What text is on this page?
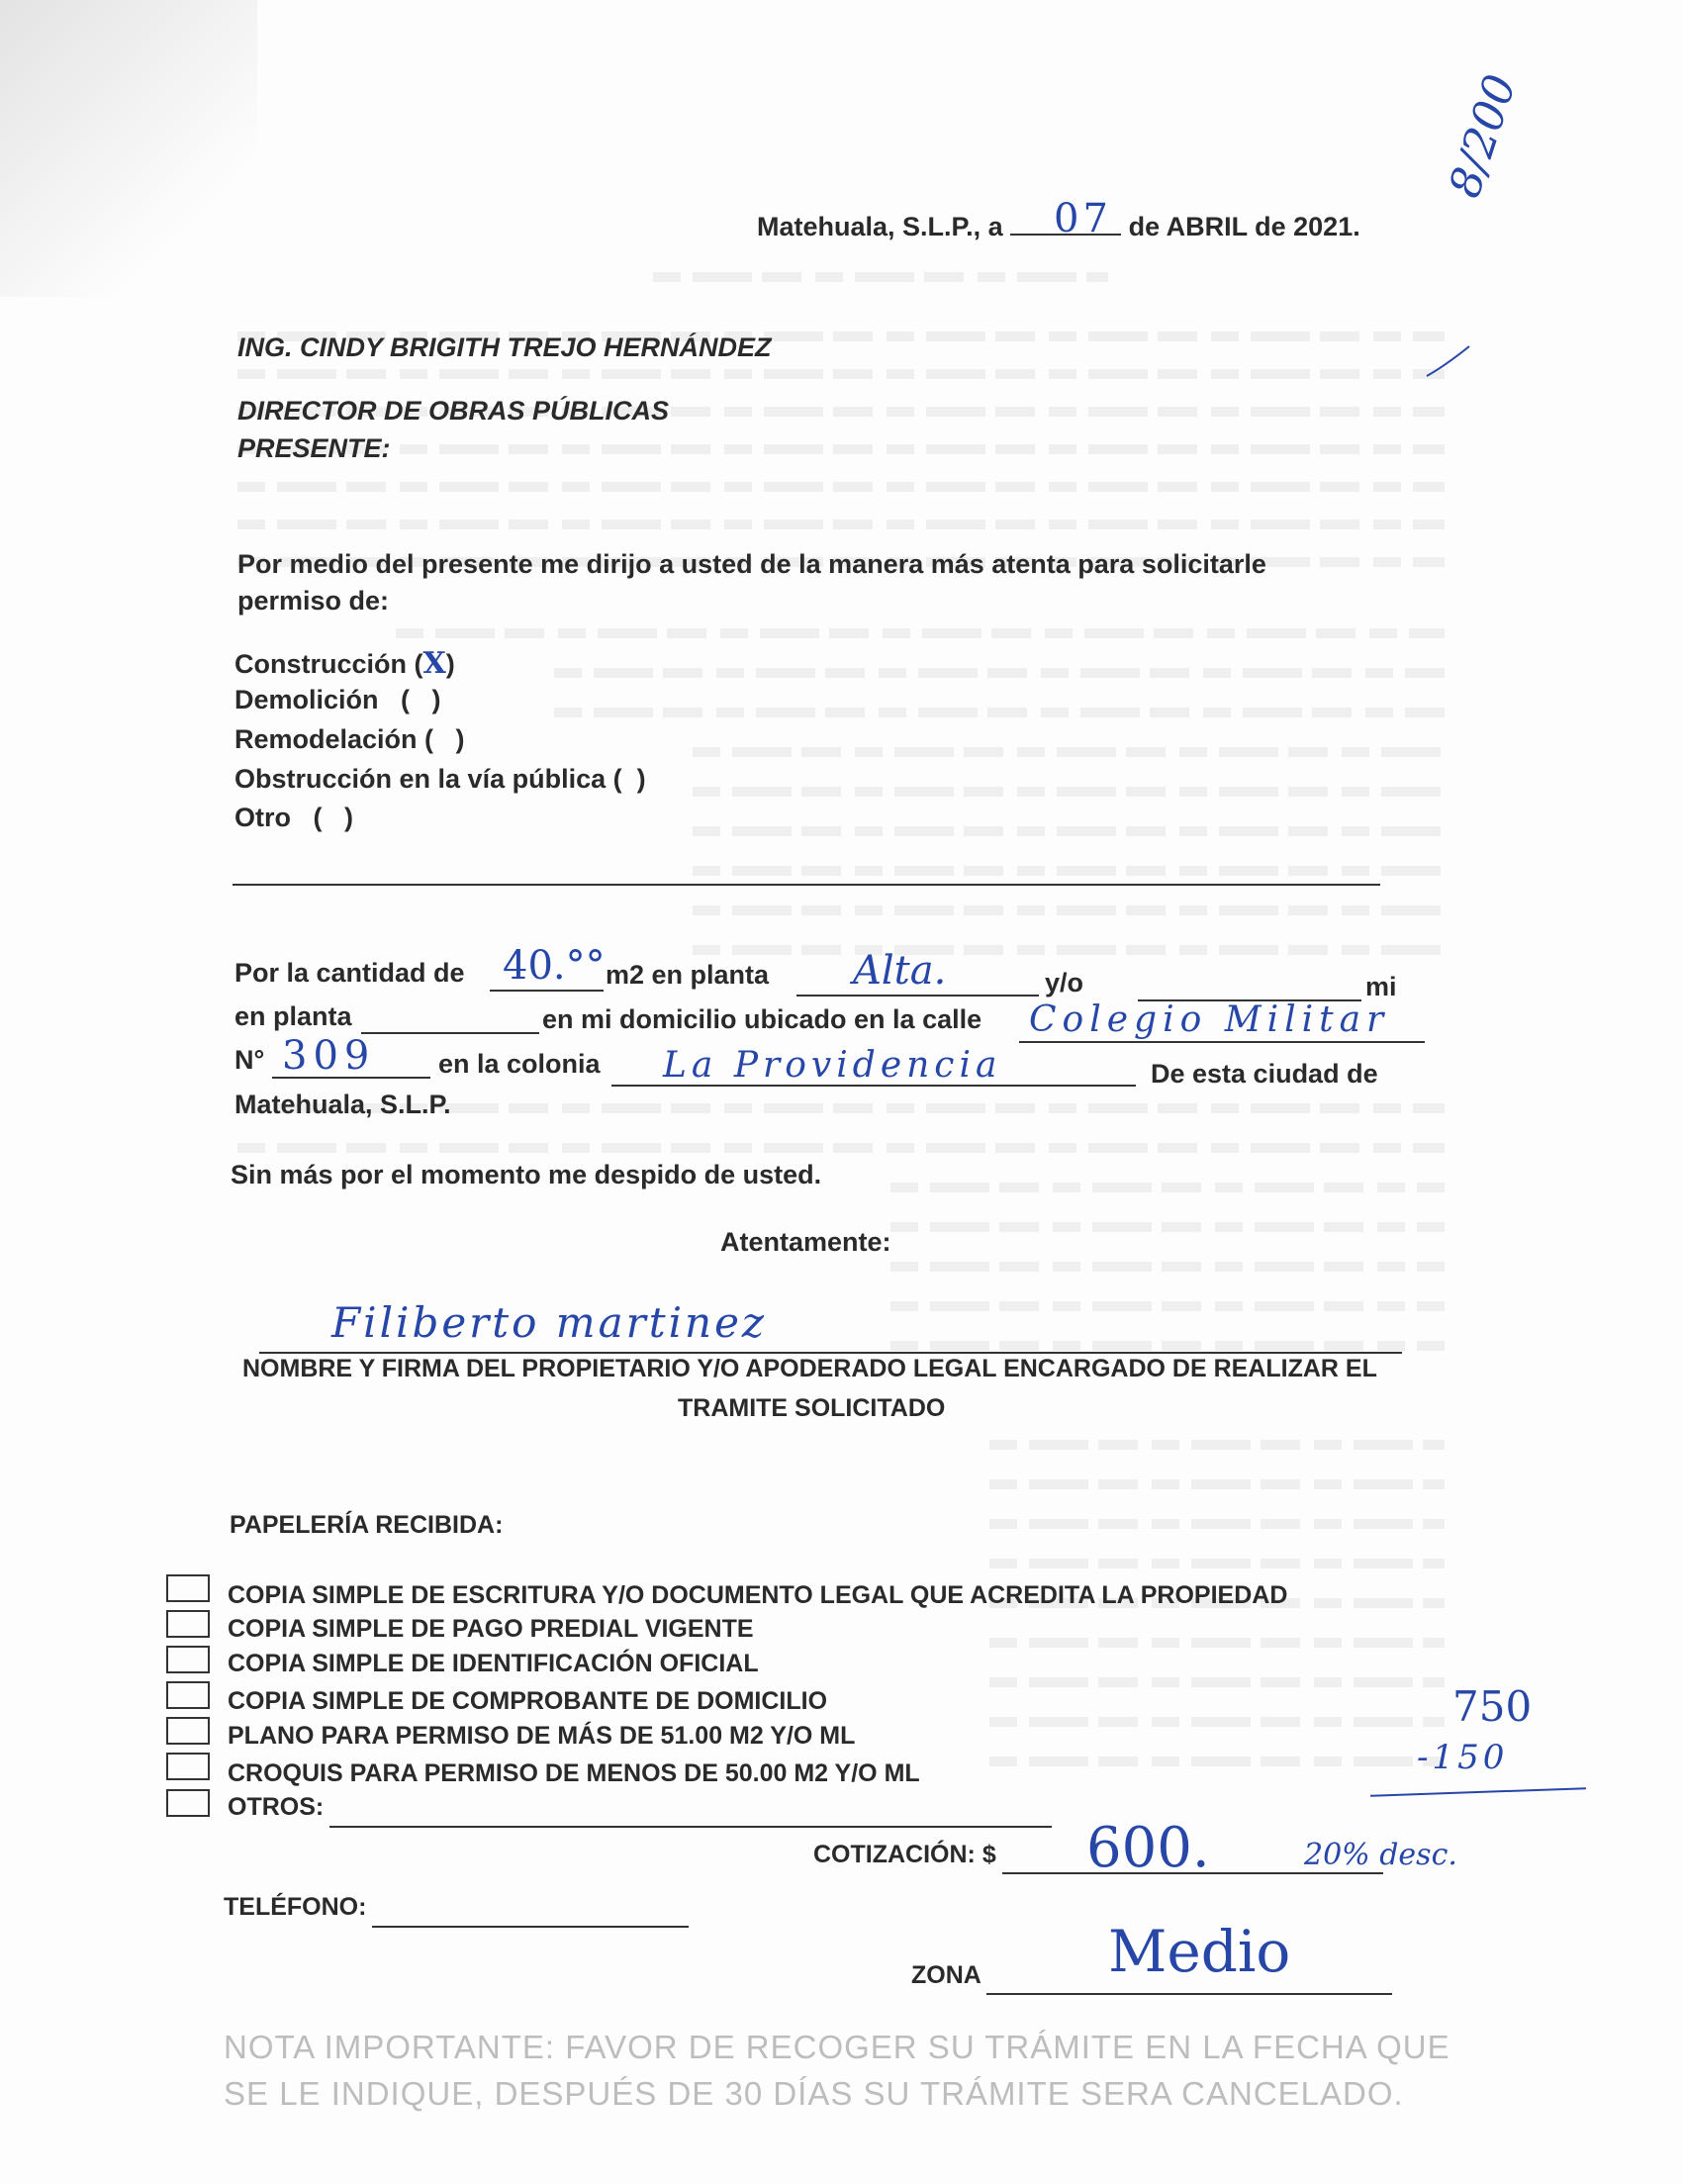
Matehuala, S.L.P., a	de ABRIL de 2021.
07
8/200
ING. CINDY BRIGITH TREJO HERNÁNDEZ
DIRECTOR DE OBRAS PÚBLICAS
PRESENTE:
Por medio del presente me dirijo a usted de la manera más atenta para solicitarle
permiso de:
Construcción (X)
Demolición   (   )
Remodelación (   )
Obstrucción en la vía pública (  )
Otro   (   )
Por la cantidad de 40.°° m2 en planta Alta.	y/o	mi
en planta	en mi domicilio ubicado en la calle Colegio Militar
N° 309 en la colonia La Providencia	De esta ciudad de
Matehuala, S.L.P.
Sin más por el momento me despido de usted.
Atentamente:
Filiberto martinez
NOMBRE Y FIRMA DEL PROPIETARIO Y/O APODERADO LEGAL ENCARGADO DE REALIZAR EL
TRAMITE SOLICITADO
PAPELERÍA RECIBIDA:
COPIA SIMPLE DE ESCRITURA Y/O DOCUMENTO LEGAL QUE ACREDITA LA PROPIEDAD
COPIA SIMPLE DE PAGO PREDIAL VIGENTE
COPIA SIMPLE DE IDENTIFICACIÓN OFICIAL
COPIA SIMPLE DE COMPROBANTE DE DOMICILIO
PLANO PARA PERMISO DE MÁS DE 51.00 M2 Y/O ML
CROQUIS PARA PERMISO DE MENOS DE 50.00 M2 Y/O ML
OTROS:
750
-150
COTIZACIÓN: $ 600.	20% desc.
TELÉFONO:
ZONA Medio
NOTA IMPORTANTE: FAVOR DE RECOGER SU TRÁMITE EN LA FECHA QUE
SE LE INDIQUE, DESPUÉS DE 30 DÍAS SU TRÁMITE SERA CANCELADO.
